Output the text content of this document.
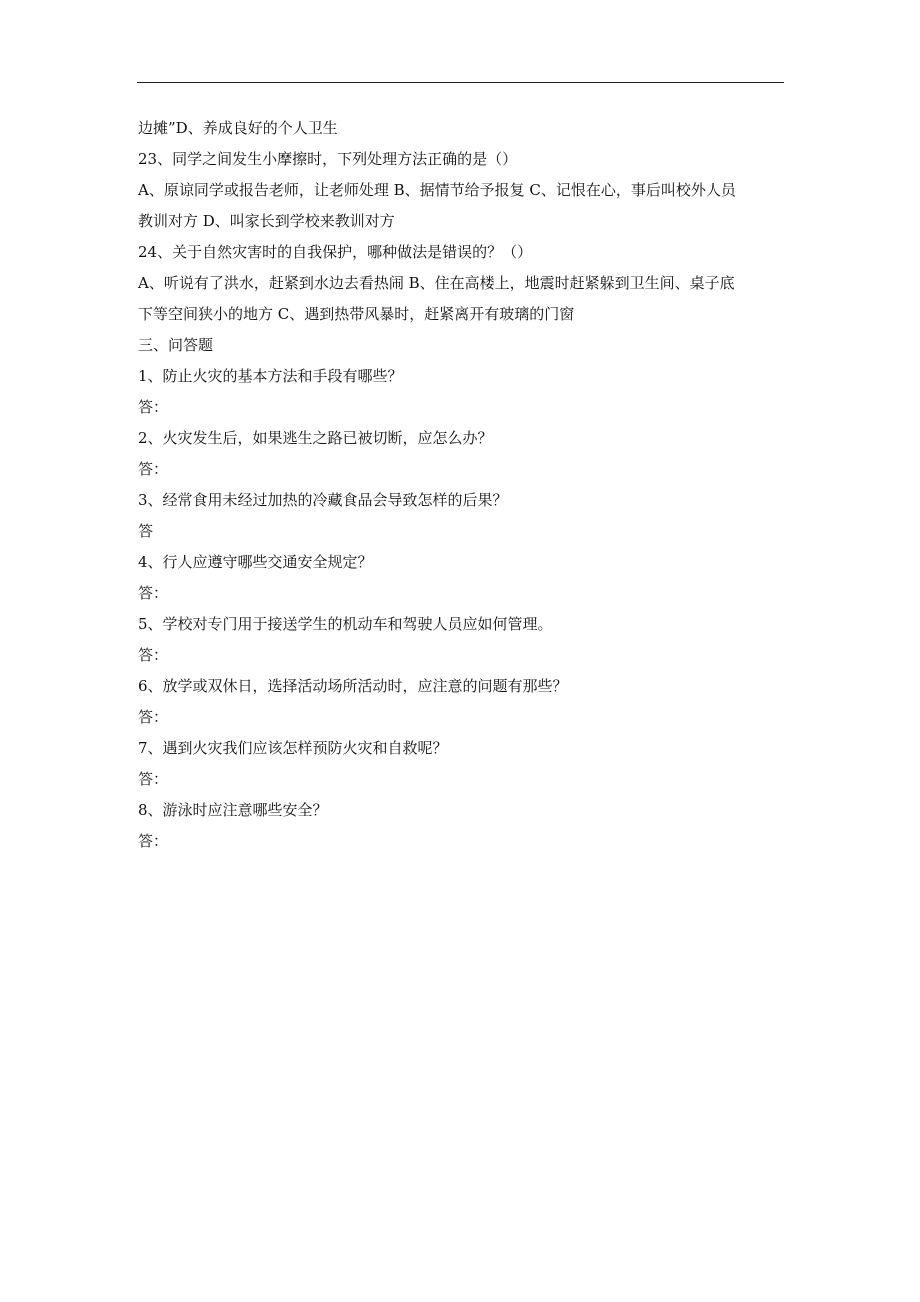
边摊”D、养成良好的个人卫生

23、同学之间发生小摩擦时，下列处理方法正确的是（）

A、原谅同学或报告老师，让老师处理 B、据情节给予报复 C、记恨在心，事后叫校外人员

教训对方 D、叫家长到学校来教训对方

24、关于自然灾害时的自我保护，哪种做法是错误的？（）

A、听说有了洪水，赶紧到水边去看热闹 B、住在高楼上，地震时赶紧躲到卫生间、桌子底

下等空间狭小的地方 C、遇到热带风暴时，赶紧离开有玻璃的门窗

三、问答题

1、防止火灾的基本方法和手段有哪些？

答：

2、火灾发生后，如果逃生之路已被切断，应怎么办？

答：

3、经常食用未经过加热的冷藏食品会导致怎样的后果？

答

4、行人应遵守哪些交通安全规定？

答：

5、学校对专门用于接送学生的机动车和驾驶人员应如何管理。

答：

6、放学或双休日，选择活动场所活动时，应注意的问题有那些？

答：

7、遇到火灾我们应该怎样预防火灾和自救呢？

答：

8、游泳时应注意哪些安全？

答：
